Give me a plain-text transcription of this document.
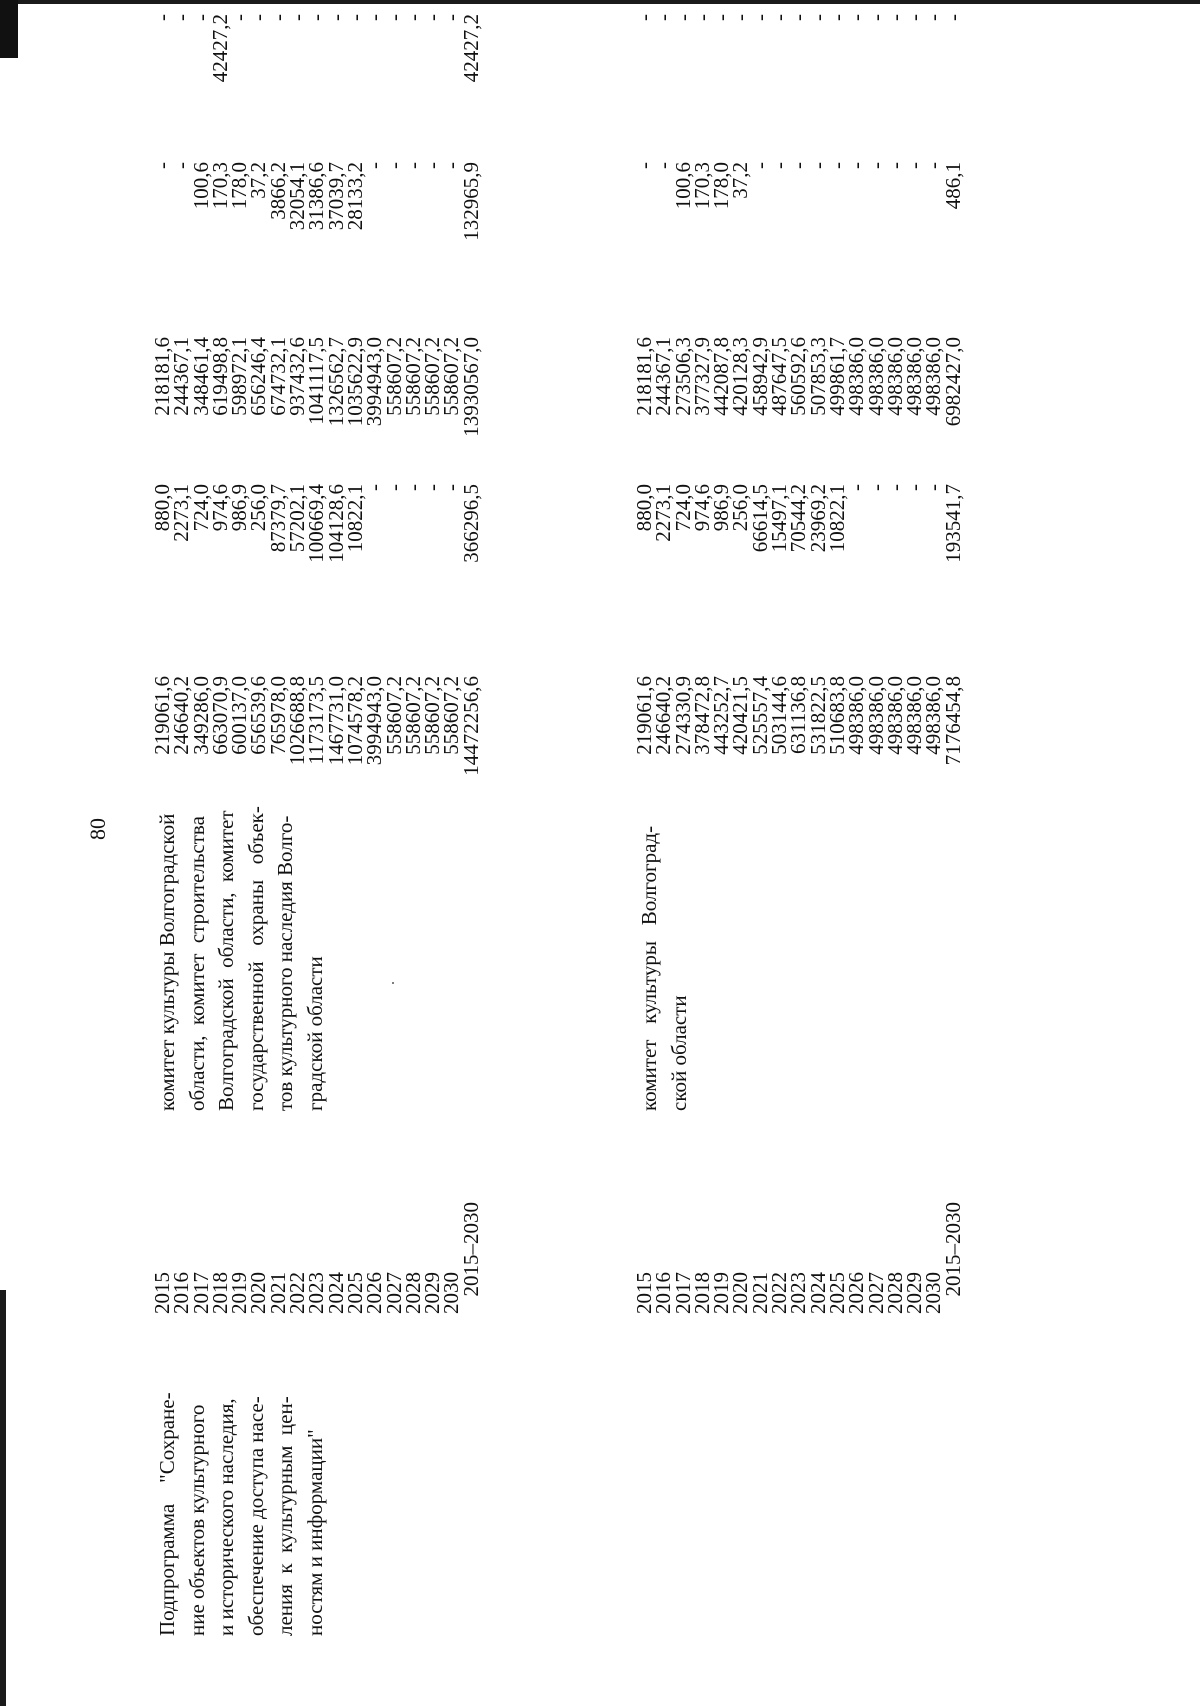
80
Подпрограмма    "Сохране-
ние объектов культурного
и исторического наследия,
обеспечение доступа насе-
ления  к  культурным  цен-
ностям и информации"
комитет культуры Волгоградской
области,  комитет  строительства
Волгоградской  области,  комитет
государственной   охраны   объек-
тов культурного наследия Волго-
градской области
2015
2016
2017
2018
2019
2020
2021
2022
2023
2024
2025
2026
2027
2028
2029
2030
2015–2030
219061,6
246640,2
349286,0
663070,9
600137,0
656539,6
765978,0
1026688,8
1173173,5
1467731,0
1074578,2
3994943,0
558607,2
558607,2
558607,2
558607,2
14472256,6
880,0
2273,1
724,0
974,6
986,9
256,0
87379,7
57202,1
100669,4
104128,6
10822,1
-
-
-
-
-
366296,5
218181,6
244367,1
348461,4
619498,8
598972,1
656246,4
674732,1
937432,6
1041117,5
1326562,7
1035622,9
3994943,0
558607,2
558607,2
558607,2
558607,2
13930567,0
-
-
100,6
170,3
178,0
37,2
3866,2
32054,1
31386,6
37039,7
28133,2
-
-
-
-
-
132965,9
-
-
-
42427,2
-
-
-
-
-
-
-
-
-
-
-
-
42427,2
комитет   культуры   Волгоград-
ской области
2015
2016
2017
2018
2019
2020
2021
2022
2023
2024
2025
2026
2027
2028
2029
2030
2015–2030
219061,6
246640,2
274330,9
378472,8
443252,7
420421,5
525557,4
503144,6
631136,8
531822,5
510683,8
498386,0
498386,0
498386,0
498386,0
498386,0
7176454,8
880,0
2273,1
724,0
974,6
986,9
256,0
66614,5
15497,1
70544,2
23969,2
10822,1
-
-
-
-
-
193541,7
218181,6
244367,1
273506,3
377327,9
442087,8
420128,3
458942,9
487647,5
560592,6
507853,3
499861,7
498386,0
498386,0
498386,0
498386,0
498386,0
6982427,0
-
-
100,6
170,3
178,0
37,2
-
-
-
-
-
-
-
-
-
-
486,1
-
-
-
-
-
-
-
-
-
-
-
-
-
-
-
-
-
